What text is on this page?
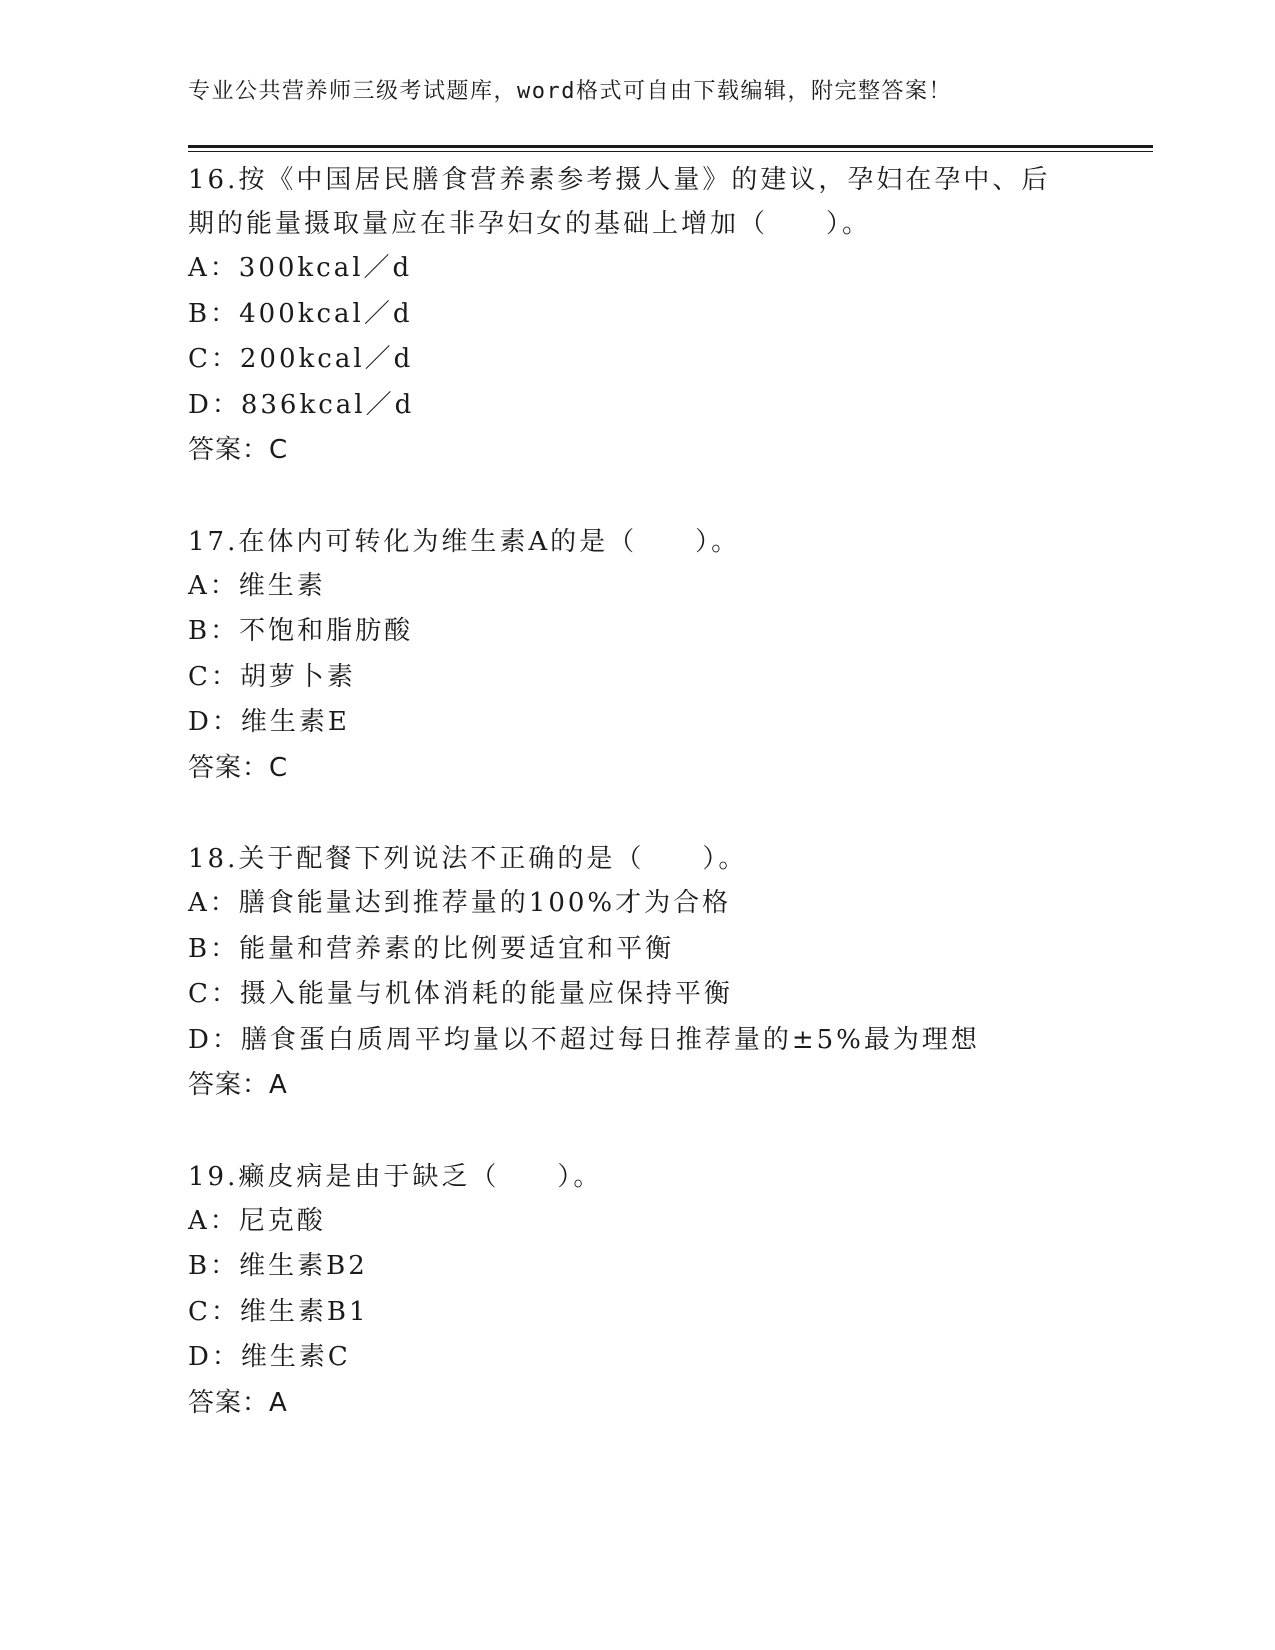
专业公共营养师三级考试题库，word格式可自由下载编辑，附完整答案！
16.按《中国居民膳食营养素参考摄人量》的建议，孕妇在孕中、后期的能量摄取量应在非孕妇女的基础上增加（　　）。
A：300kcal／d
B：400kcal／d
C：200kcal／d
D：836kcal／d
答案：C
17.在体内可转化为维生素A的是（　　）。
A：维生素
B：不饱和脂肪酸
C：胡萝卜素
D：维生素E
答案：C
18.关于配餐下列说法不正确的是（　　）。
A：膳食能量达到推荐量的100%才为合格
B：能量和营养素的比例要适宜和平衡
C：摄入能量与机体消耗的能量应保持平衡
D：膳食蛋白质周平均量以不超过每日推荐量的±5%最为理想
答案：A
19.癞皮病是由于缺乏（　　）。
A：尼克酸
B：维生素B2
C：维生素B1
D：维生素C
答案：A
